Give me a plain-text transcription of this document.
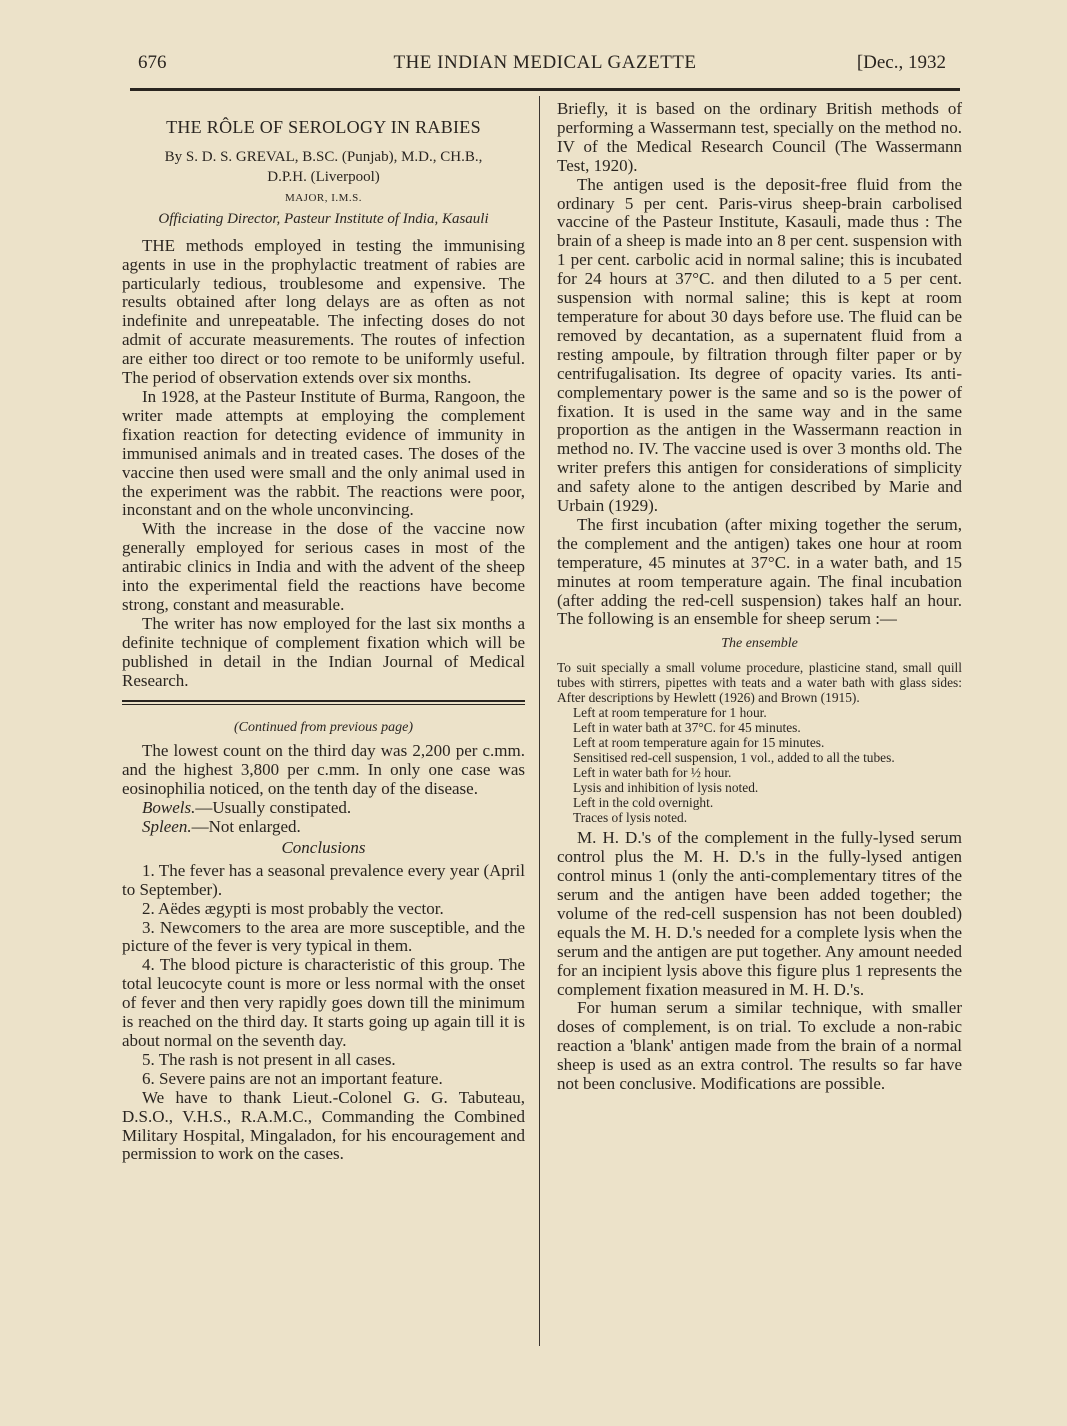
676	THE INDIAN MEDICAL GAZETTE	[Dec., 1932
THE RÔLE OF SEROLOGY IN RABIES
By S. D. S. GREVAL, B.SC. (Punjab), M.D., CH.B.,
D.P.H. (Liverpool)
MAJOR, I.M.S.
Officiating Director, Pasteur Institute of India, Kasauli

THE methods employed in testing the immunising agents in use in the prophylactic treatment of rabies are particularly tedious, troublesome and expensive. The results obtained after long delays are as often as not indefinite and unrepeatable. The infecting doses do not admit of accurate measurements. The routes of infection are either too direct or too remote to be uniformly useful. The period of observation extends over six months.

In 1928, at the Pasteur Institute of Burma, Rangoon, the writer made attempts at employing the complement fixation reaction for detecting evidence of immunity in immunised animals and in treated cases. The doses of the vaccine then used were small and the only animal used in the experiment was the rabbit. The reactions were poor, inconstant and on the whole unconvincing.

With the increase in the dose of the vaccine now generally employed for serious cases in most of the antirabic clinics in India and with the advent of the sheep into the experimental field the reactions have become strong, constant and measurable.

The writer has now employed for the last six months a definite technique of complement fixation which will be published in detail in the Indian Journal of Medical Research.

(Continued from previous page)

The lowest count on the third day was 2,200 per c.mm. and the highest 3,800 per c.mm. In only one case was eosinophilia noticed, on the tenth day of the disease.

Bowels.—Usually constipated.

Spleen.—Not enlarged.

Conclusions

1. The fever has a seasonal prevalence every year (April to September).

2. Aëdes ægypti is most probably the vector.

3. Newcomers to the area are more susceptible, and the picture of the fever is very typical in them.

4. The blood picture is characteristic of this group. The total leucocyte count is more or less normal with the onset of fever and then very rapidly goes down till the minimum is reached on the third day. It starts going up again till it is about normal on the seventh day.

5. The rash is not present in all cases.

6. Severe pains are not an important feature.

We have to thank Lieut.-Colonel G. G. Tabuteau, D.S.O., V.H.S., R.A.M.C., Commanding the Combined Military Hospital, Mingaladon, for his encouragement and permission to work on the cases.

Briefly, it is based on the ordinary British methods of performing a Wassermann test, specially on the method no. IV of the Medical Research Council (The Wassermann Test, 1920).

The antigen used is the deposit-free fluid from the ordinary 5 per cent. Paris-virus sheep-brain carbolised vaccine of the Pasteur Institute, Kasauli, made thus : The brain of a sheep is made into an 8 per cent. suspension with 1 per cent. carbolic acid in normal saline; this is incubated for 24 hours at 37°C. and then diluted to a 5 per cent. suspension with normal saline; this is kept at room temperature for about 30 days before use. The fluid can be removed by decantation, as a supernatent fluid from a resting ampoule, by filtration through filter paper or by centrifugalisation. Its degree of opacity varies. Its anti-complementary power is the same and so is the power of fixation. It is used in the same way and in the same proportion as the antigen in the Wassermann reaction in method no. IV. The vaccine used is over 3 months old. The writer prefers this antigen for considerations of simplicity and safety alone to the antigen described by Marie and Urbain (1929).

The first incubation (after mixing together the serum, the complement and the antigen) takes one hour at room temperature, 45 minutes at 37°C. in a water bath, and 15 minutes at room temperature again. The final incubation (after adding the red-cell suspension) takes half an hour. The following is an ensemble for sheep serum :—

The ensemble

To suit specially a small volume procedure, plasticine stand, small quill tubes with stirrers, pipettes with teats and a water bath with glass sides: After descriptions by Hewlett (1926) and Brown (1915).

Left at room temperature for 1 hour.

Left in water bath at 37°C. for 45 minutes.

Left at room temperature again for 15 minutes.

Sensitised red-cell suspension, 1 vol., added to all the tubes.

Left in water bath for ½ hour.

Lysis and inhibition of lysis noted.

Left in the cold overnight.

Traces of lysis noted.

M. H. D.'s of the complement in the fully-lysed serum control plus the M. H. D.'s in the fully-lysed antigen control minus 1 (only the anti-complementary titres of the serum and the antigen have been added together; the volume of the red-cell suspension has not been doubled) equals the M. H. D.'s needed for a complete lysis when the serum and the antigen are put together. Any amount needed for an incipient lysis above this figure plus 1 represents the complement fixation measured in M. H. D.'s.

For human serum a similar technique, with smaller doses of complement, is on trial. To exclude a non-rabic reaction a 'blank' antigen made from the brain of a normal sheep is used as an extra control. The results so far have not been conclusive. Modifications are possible.
